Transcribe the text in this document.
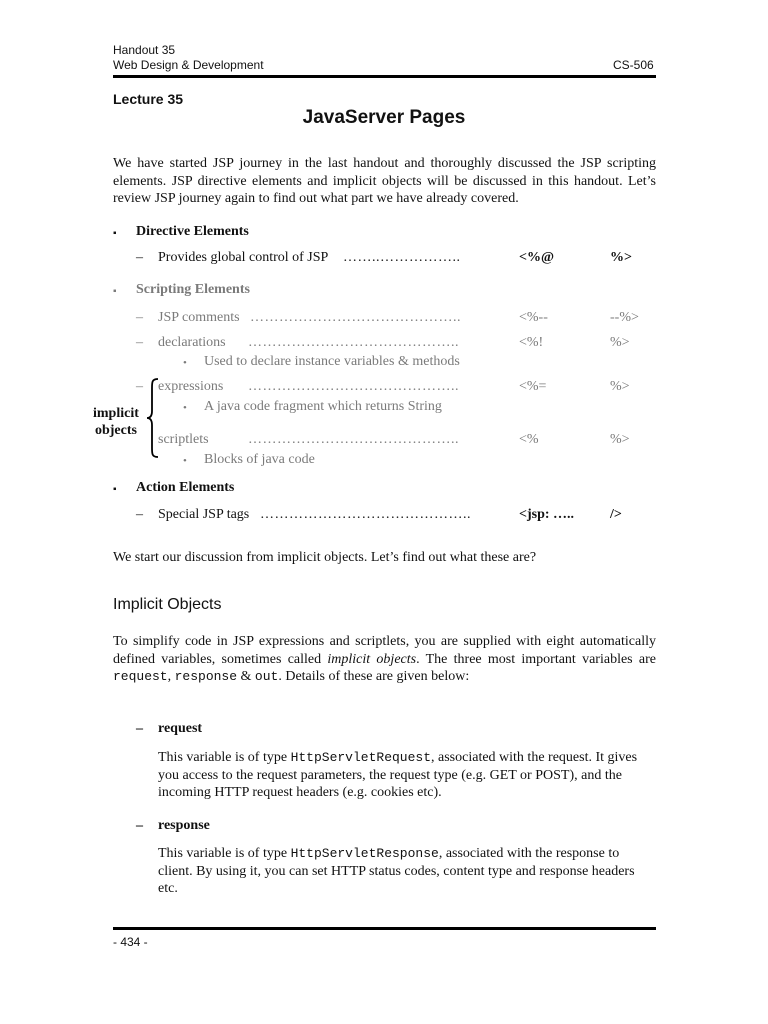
Handout 35
Web Design & Development	CS-506
Lecture 35
JavaServer Pages
We have started JSP journey in the last handout and thoroughly discussed the JSP scripting elements. JSP directive elements and implicit objects will be discussed in this handout. Let’s review JSP journey again to find out what part we have already covered.
▪ Directive Elements
– Provides global control of JSP ……..……………..	<%@	%>
▪ Scripting Elements
– JSP comments ……………………………………..	<%--	--%>
– declarations ……………………………………..	<%!	%>
• Used to declare instance variables & methods
– expressions ……………………………………..	<%=	%>
• A java code fragment which returns String
scriptlets	……………………………………..	<%	%>
• Blocks of java code
implicit
objects
▪ Action Elements
– Special JSP tags ……………………………………..	<jsp: …..	/>
We start our discussion from implicit objects. Let’s find out what these are?
Implicit Objects
To simplify code in JSP expressions and scriptlets, you are supplied with eight automatically defined variables, sometimes called implicit objects. The three most important variables are request, response & out. Details of these are given below:
– request
This variable is of type HttpServletRequest, associated with the request. It gives you access to the request parameters, the request type (e.g. GET or POST), and the incoming HTTP request headers (e.g. cookies etc).
– response
This variable is of type HttpServletResponse, associated with the response to client. By using it, you can set HTTP status codes, content type and response headers etc.
- 434 -
